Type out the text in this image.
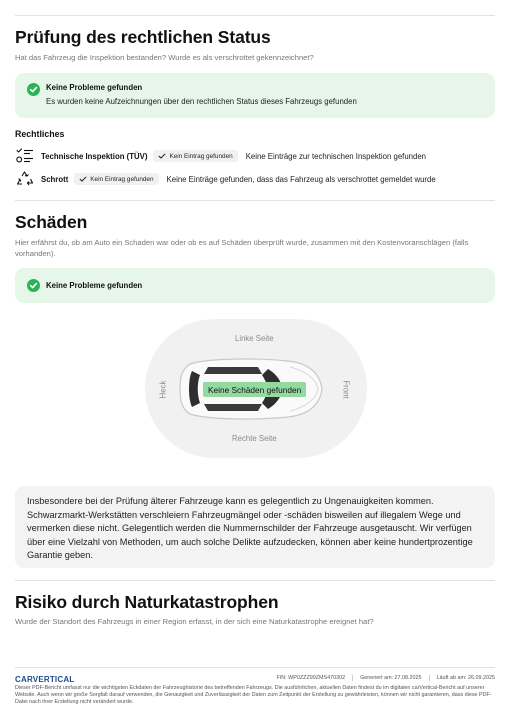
Prüfung des rechtlichen Status
Hat das Fahrzeug die Inspektion bestanden? Wurde es als verschrottet gekennzeichnet?
Keine Probleme gefunden
Es wurden keine Aufzeichnungen über den rechtlichen Status dieses Fahrzeugs gefunden
Rechtliches
Technische Inspektion (TÜV)	Kein Eintrag gefunden Keine Einträge zur technischen Inspektion gefunden
Schrott	Kein Eintrag gefunden Keine Einträge gefunden, dass das Fahrzeug als verschrottet gemeldet wurde
Schäden
Hier erfährst du, ob am Auto ein Schaden war oder ob es auf Schäden überprüft wurde, zusammen mit den Kostenvoranschlägen (falls vorhanden).
Keine Probleme gefunden
Linke Seite
Rechte Seite
Heck	Front
Keine Schäden gefunden
Insbesondere bei der Prüfung älterer Fahrzeuge kann es gelegentlich zu Ungenauigkeiten kommen. Schwarzmarkt-Werkstätten verschleiern Fahrzeugmängel oder -schäden bisweilen auf illegalem Wege und vermerken diese nicht. Gelegentlich werden die Nummernschilder der Fahrzeuge ausgetauscht. Wir verfügen über eine Vielzahl von Methoden, um auch solche Delikte aufzudecken, können aber keine hundertprozentige Garantie geben.
Risiko durch Naturkatastrophen
Wurde der Standort des Fahrzeugs in einer Region erfasst, in der sich eine Naturkatastrophe ereignet hat?
CARVERTICAL	FIN: WP0ZZZ99ZMS470302	Generiert am: 27.08.2025	Läuft ab am: 26.09.2025
Dieser PDF-Bericht umfasst nur die wichtigsten Eckdaten der Fahrzeughistorie des betreffenden Fahrzeugs. Die ausführlichen, aktuellen Daten findest du im digitalen carVertical-Bericht auf unserer Website. Auch wenn wir große Sorgfalt darauf verwenden, die Genauigkeit und Zuverlässigkeit der Daten zum Zeitpunkt der Erstellung zu gewährleisten, können wir nicht garantieren, dass diese PDF-Datei nach ihrer Erstellung nicht verändert wurde.
